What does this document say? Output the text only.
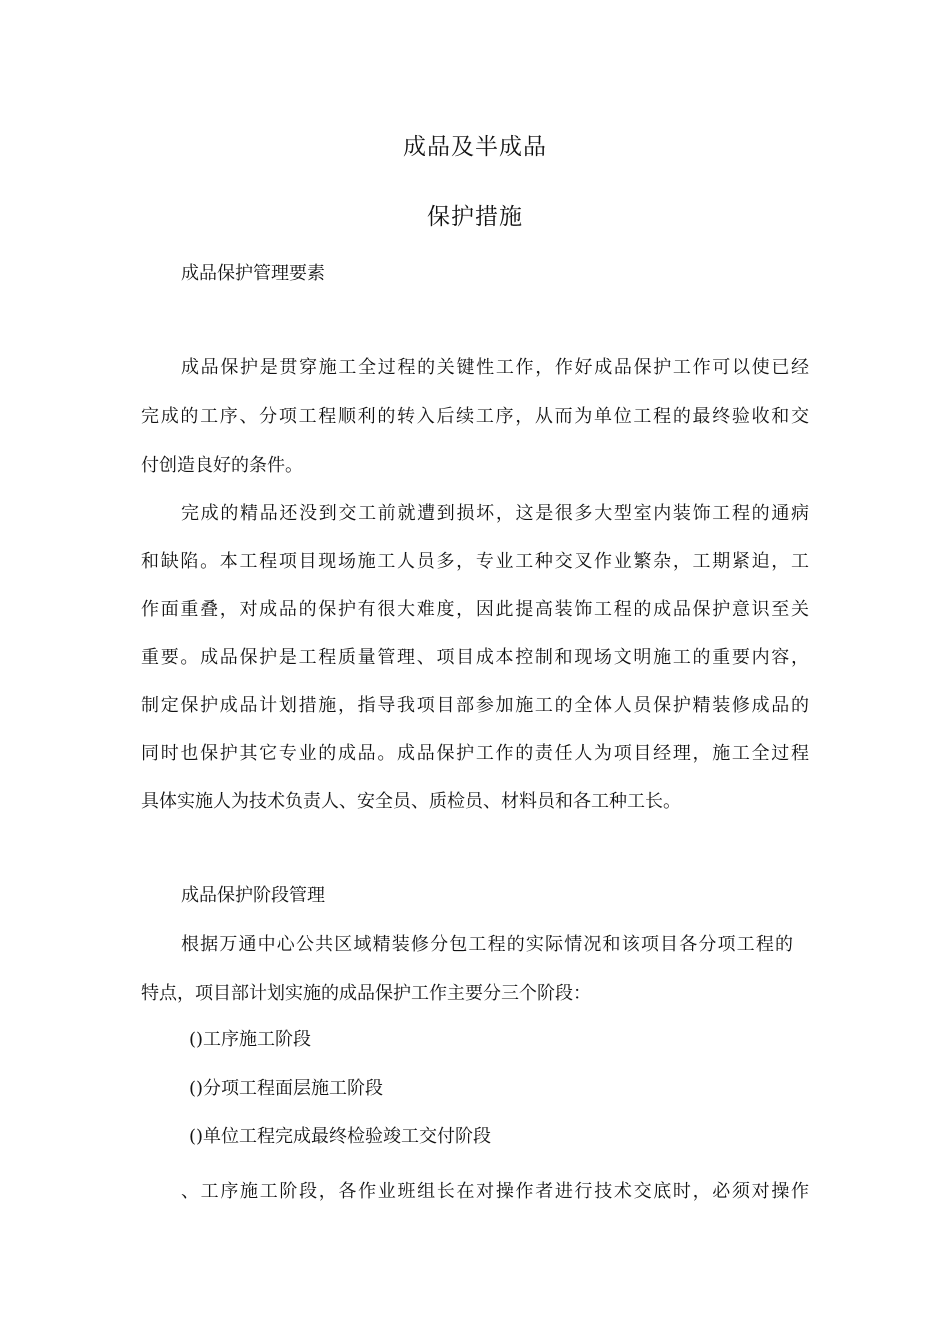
成品及半成品
保护措施
成品保护管理要素
成品保护是贯穿施工全过程的关键性工作，作好成品保护工作可以使已经
完成的工序、分项工程顺利的转入后续工序，从而为单位工程的最终验收和交
付创造良好的条件。
完成的精品还没到交工前就遭到损坏，这是很多大型室内装饰工程的通病
和缺陷。本工程项目现场施工人员多，专业工种交叉作业繁杂，工期紧迫，工
作面重叠，对成品的保护有很大难度，因此提高装饰工程的成品保护意识至关
重要。成品保护是工程质量管理、项目成本控制和现场文明施工的重要内容，
制定保护成品计划措施，指导我项目部参加施工的全体人员保护精装修成品的
同时也保护其它专业的成品。成品保护工作的责任人为项目经理，施工全过程
具体实施人为技术负责人、安全员、质检员、材料员和各工种工长。
成品保护阶段管理
根据万通中心公共区域精装修分包工程的实际情况和该项目各分项工程的
特点，项目部计划实施的成品保护工作主要分三个阶段：
()工序施工阶段
()分项工程面层施工阶段
()单位工程完成最终检验竣工交付阶段
、工序施工阶段，各作业班组长在对操作者进行技术交底时，必须对操作
